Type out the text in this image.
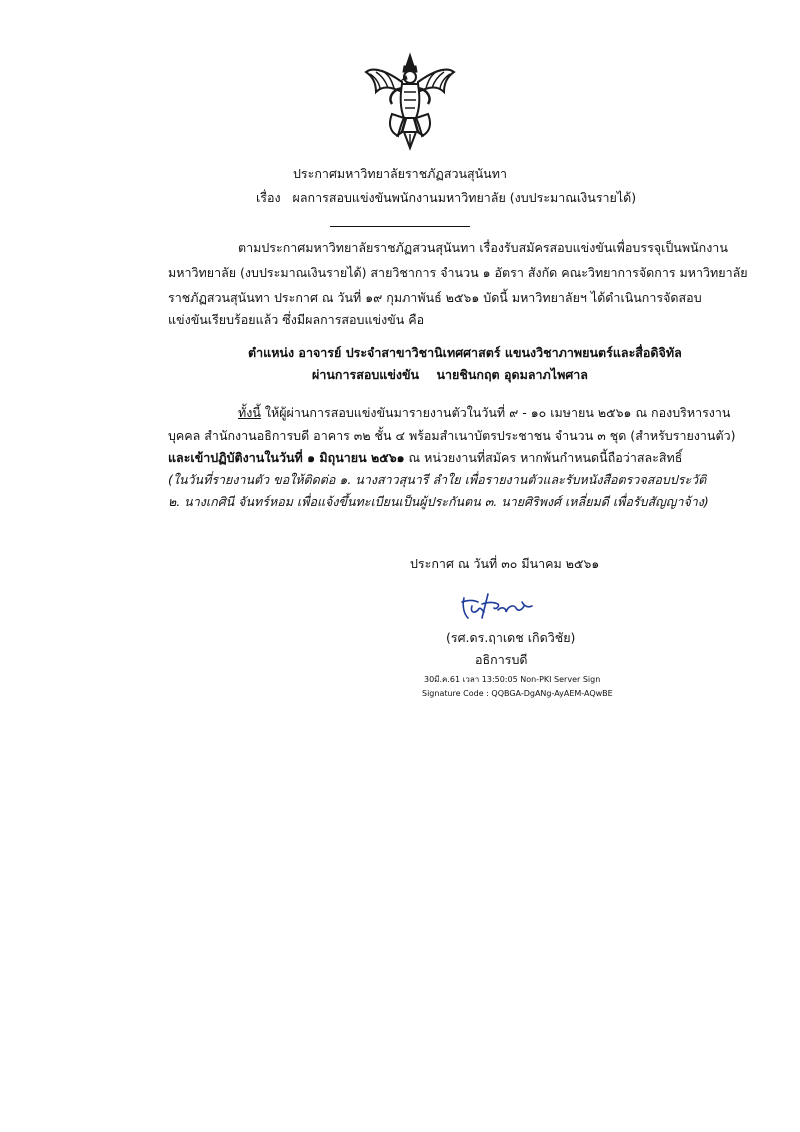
ประกาศมหาวิทยาลัยราชภัฏสวนสุนันทา
เรื่อง ผลการสอบแข่งขันพนักงานมหาวิทยาลัย (งบประมาณเงินรายได้)
ตามประกาศมหาวิทยาลัยราชภัฏสวนสุนันทา เรื่องรับสมัครสอบแข่งขันเพื่อบรรจุเป็นพนักงาน
มหาวิทยาลัย (งบประมาณเงินรายได้) สายวิชาการ จำนวน ๑ อัตรา สังกัด คณะวิทยาการจัดการ มหาวิทยาลัย
ราชภัฏสวนสุนันทา ประกาศ ณ วันที่ ๑๙ กุมภาพันธ์ ๒๕๖๑ บัดนี้ มหาวิทยาลัยฯ ได้ดำเนินการจัดสอบ
แข่งขันเรียบร้อยแล้ว ซึ่งมีผลการสอบแข่งขัน คือ
ตำแหน่ง อาจารย์ ประจำสาขาวิชานิเทศศาสตร์ แขนงวิชาภาพยนตร์และสื่อดิจิทัล
ผ่านการสอบแข่งขัน นายชินกฤต อุดมลาภไพศาล
ทั้งนี้ ให้ผู้ผ่านการสอบแข่งขันมารายงานตัวในวันที่ ๙ - ๑๐ เมษายน ๒๕๖๑ ณ กองบริหารงาน
บุคคล สำนักงานอธิการบดี อาคาร ๓๒ ชั้น ๔ พร้อมสำเนาบัตรประชาชน จำนวน ๓ ชุด (สำหรับรายงานตัว)
และเข้าปฏิบัติงานในวันที่ ๑ มิถุนายน ๒๕๖๑ ณ หน่วยงานที่สมัคร หากพ้นกำหนดนี้ถือว่าสละสิทธิ์
(ในวันที่รายงานตัว ขอให้ติดต่อ ๑. นางสาวสุนารี ลำใย เพื่อรายงานตัวและรับหนังสือตรวจสอบประวัติ
๒. นางเกศินี จันทร์หอม เพื่อแจ้งขึ้นทะเบียนเป็นผู้ประกันตน ๓. นายศิริพงศ์ เหลี่ยมดี เพื่อรับสัญญาจ้าง)
ประกาศ ณ วันที่ ๓๐ มีนาคม ๒๕๖๑
(รศ.ดร.ฤาเดช เกิดวิชัย)
อธิการบดี
30มี.ค.61 เวลา 13:50:05 Non-PKI Server Sign
Signature Code : QQBGA-DgANg-AyAEM-AQwBE
